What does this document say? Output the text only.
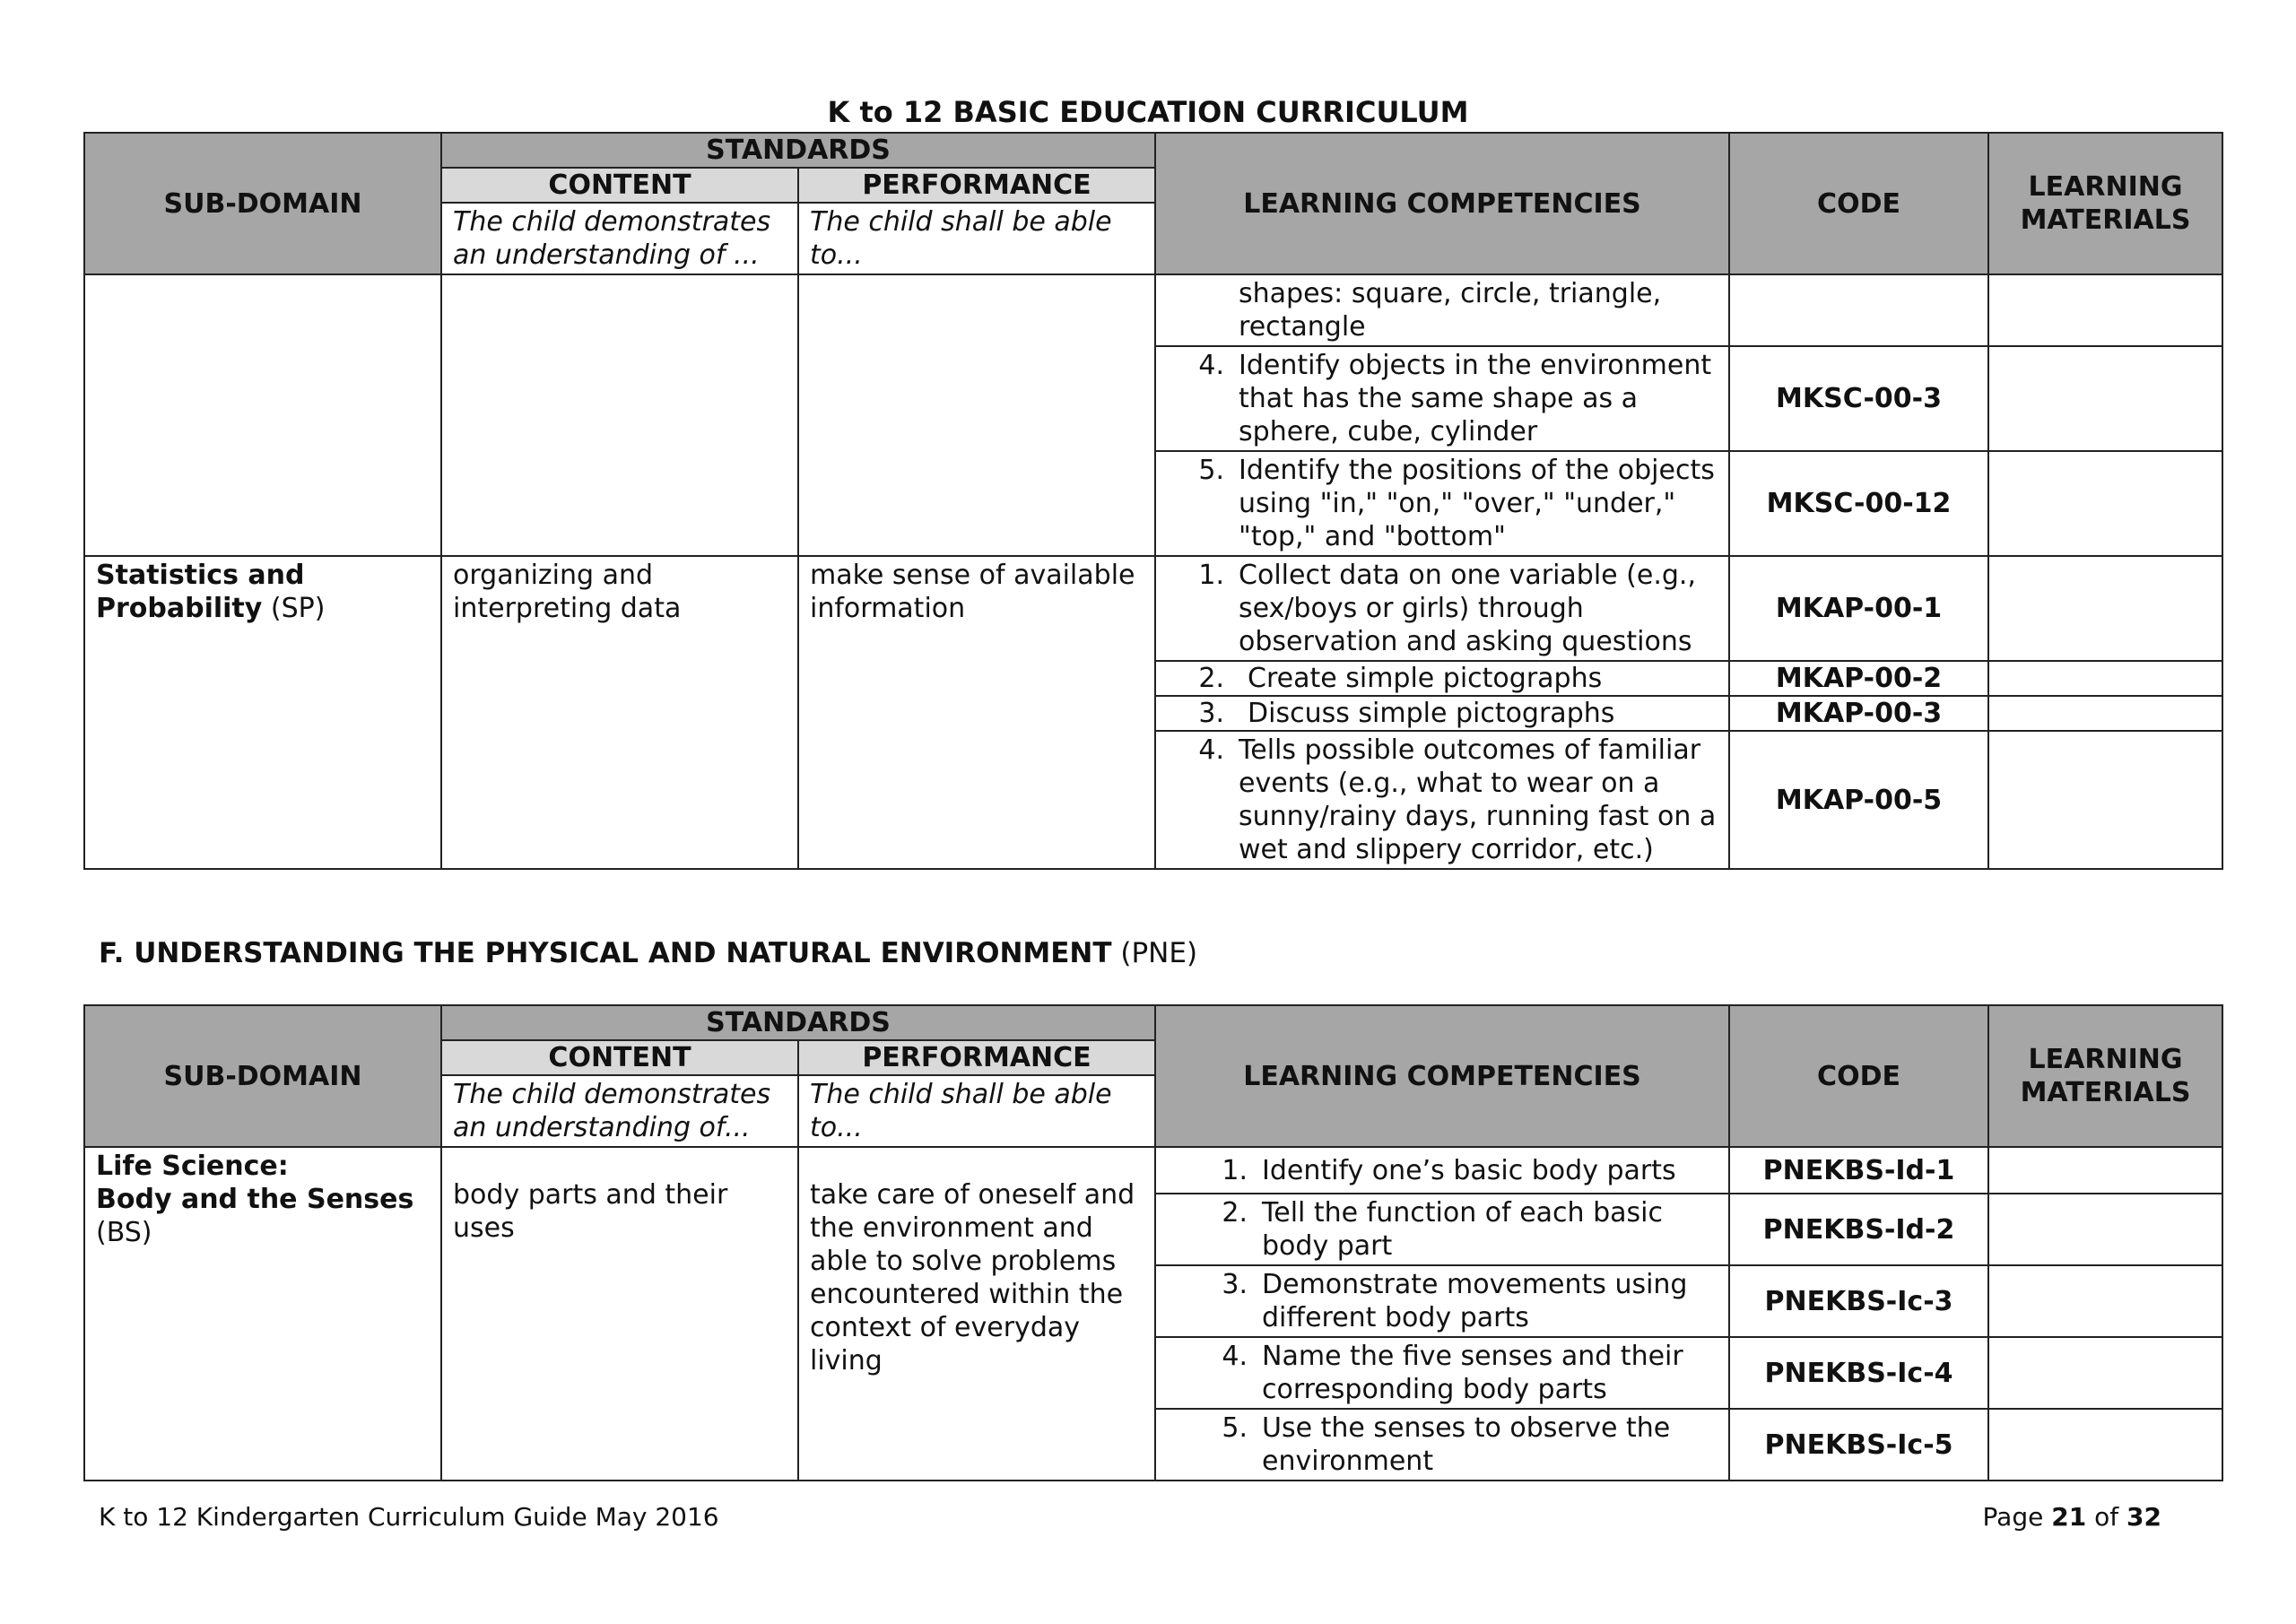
K to 12 BASIC EDUCATION CURRICULUM
SUB-DOMAIN	STANDARDS		LEARNING COMPETENCIES	CODE	LEARNING MATERIALS
	CONTENT	PERFORMANCE			
	The child demonstrates an understanding of ...	The child shall be able to...			

			shapes: square, circle, triangle, rectangle		

			4. Identify objects in the environment that has the same shape as a sphere, cube, cylinder	MKSC-00-3	

			5. Identify the positions of the objects using "in," "on," "over," "under," "top," and "bottom"	MKSC-00-12	
Statistics and Probability (SP)	organizing and interpreting data	make sense of available information	1. Collect data on one variable (e.g., sex/boys or girls) through observation and asking questions	MKAP-00-1	

			2. Create simple pictographs	MKAP-00-2	

			3. Discuss simple pictographs	MKAP-00-3	

			4. Tells possible outcomes of familiar events (e.g., what to wear on a sunny/rainy days, running fast on a wet and slippery corridor, etc.)	MKAP-00-5	
F. UNDERSTANDING THE PHYSICAL AND NATURAL ENVIRONMENT (PNE)
SUB-DOMAIN	STANDARDS		LEARNING COMPETENCIES	CODE	LEARNING MATERIALS
	CONTENT	PERFORMANCE			
	The child demonstrates an understanding of...	The child shall be able to...			
Life Science:
Body and the Senses
(BS)	body parts and their uses	take care of oneself and the environment and able to solve problems encountered within the context of everyday living	1. Identify one’s basic body parts	PNEKBS-Id-1	

			2. Tell the function of each basic body part	PNEKBS-Id-2	

			3. Demonstrate movements using different body parts	PNEKBS-Ic-3	

			4. Name the five senses and their corresponding body parts	PNEKBS-Ic-4	

			5. Use the senses to observe the environment	PNEKBS-Ic-5	
K to 12 Kindergarten Curriculum Guide May 2016	Page 21 of 32
